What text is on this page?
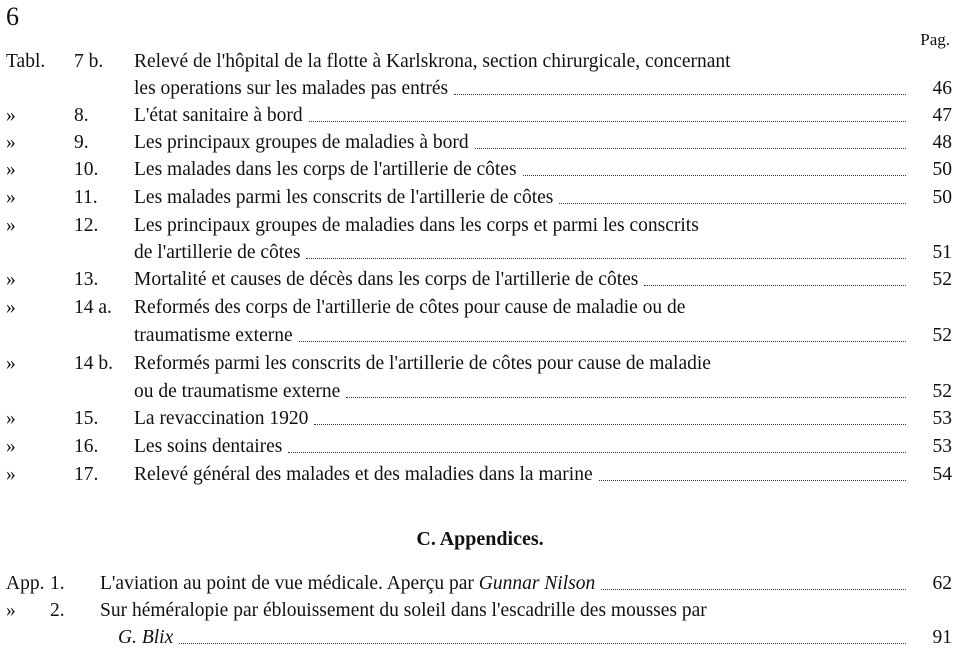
6
Pag.
Tabl. 7 b.	Relevé de l'hôpital de la flotte à Karlskrona, section chirurgicale, concernant
les operations sur les malades pas entrés	46
»	8.	L'état sanitaire à bord	47
»	9.	Les principaux groupes de maladies à bord	48
»	10.	Les malades dans les corps de l'artillerie de côtes	50
»	11.	Les malades parmi les conscrits de l'artillerie de côtes	50
»	12.	Les principaux groupes de maladies dans les corps et parmi les conscrits
de l'artillerie de côtes	51
»	13.	Mortalité et causes de décès dans les corps de l'artillerie de côtes	52
»	14 a.	Reformés des corps de l'artillerie de côtes pour cause de maladie ou de
traumatisme externe	52
»	14 b.	Reformés parmi les conscrits de l'artillerie de côtes pour cause de maladie
ou de traumatisme externe	52
»	15.	La revaccination 1920	53
»	16.	Les soins dentaires	53
»	17.	Relevé général des malades et des maladies dans la marine	54
C. Appendices.
App. 1.	L'aviation au point de vue médicale. Aperçu par Gunnar Nilson	62
» 2.	Sur héméralopie par éblouissement du soleil dans l'escadrille des mousses par
G. Blix	91
